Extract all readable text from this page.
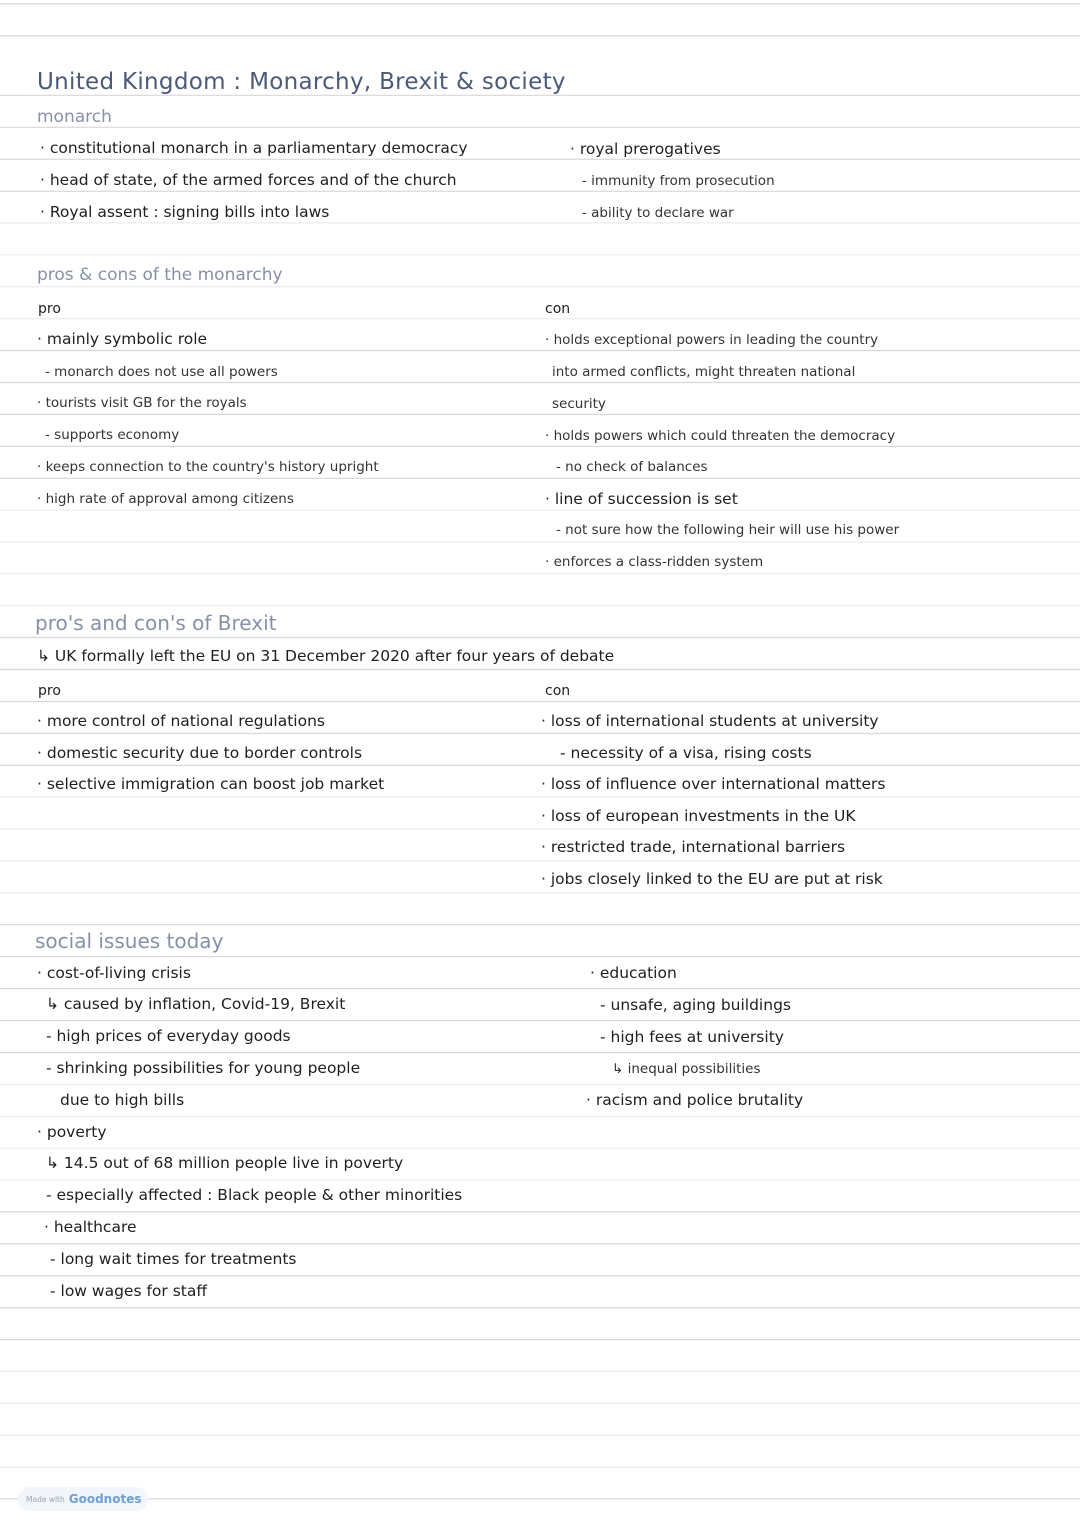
United Kingdom : Monarchy, Brexit & society
monarch
· constitutional monarch in a parliamentary democracy
· head of state, of the armed forces and of the church
· Royal assent : signing bills into laws
· royal prerogatives
- immunity from prosecution
- ability to declare war
pros & cons of the monarchy
pro	con
· mainly symbolic role
- monarch does not use all powers
· tourists visit GB for the royals
- supports economy
· keeps connection to the country's history upright
· high rate of approval among citizens
· holds exceptional powers in leading the country
into armed conflicts, might threaten national
security
· holds powers which could threaten the democracy
- no check of balances
· line of succession is set
- not sure how the following heir will use his power
· enforces a class-ridden system
pro's and con's of Brexit
↳ UK formally left the EU on 31 December 2020 after four years of debate
pro	con
· more control of national regulations
· domestic security due to border controls
· selective immigration can boost job market
· loss of international students at university
- necessity of a visa, rising costs
· loss of influence over international matters
· loss of european investments in the UK
· restricted trade, international barriers
· jobs closely linked to the EU are put at risk
social issues today
· cost-of-living crisis
↳ caused by inflation, Covid-19, Brexit
- high prices of everyday goods
- shrinking possibilities for young people
due to high bills
· poverty
↳ 14.5 out of 68 million people live in poverty
- especially affected : Black people & other minorities
· healthcare
- long wait times for treatments
- low wages for staff
· education
- unsafe, aging buildings
- high fees at university
↳ inequal possibilities
· racism and police brutality
Made with Goodnotes
